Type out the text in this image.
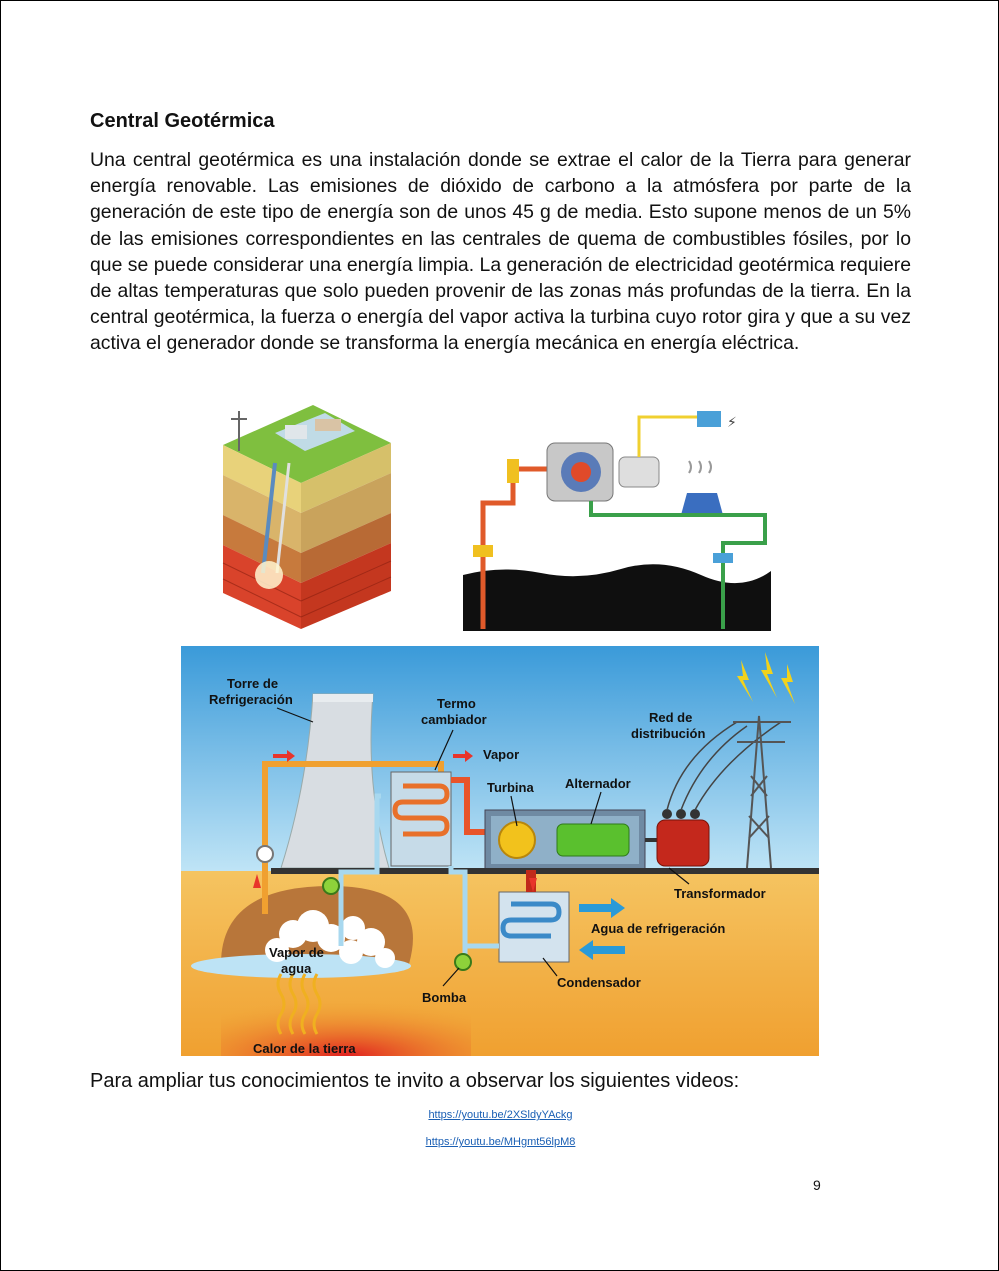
Central Geotérmica

Una central geotérmica es una instalación donde se extrae el calor de la Tierra para generar energía renovable. Las emisiones de dióxido de carbono a la atmósfera por parte de la generación de este tipo de energía son de unos 45 g de media. Esto supone menos de un 5% de las emisiones correspondientes en las centrales de quema de combustibles fósiles, por lo que se puede considerar una energía limpia. La generación de electricidad geotérmica requiere de altas temperaturas que solo pueden provenir de las zonas más profundas de la tierra. En la central geotérmica, la fuerza o energía del vapor activa la turbina cuyo rotor gira y que a su vez activa el generador donde se transforma la energía mecánica en energía eléctrica.

⚡
Torre de
Refrigeración	Termo
cambiador
Vapor
Turbina Alternador
Red de
distribución
Transformador
Agua de refrigeración
Vapor de
agua
Condensador
Bomba
Calor de la tierra
Para ampliar tus conocimientos te invito a observar los siguientes videos:
https://youtu.be/2XSldyYAckg
https://youtu.be/MHgmt56lpM8
9
